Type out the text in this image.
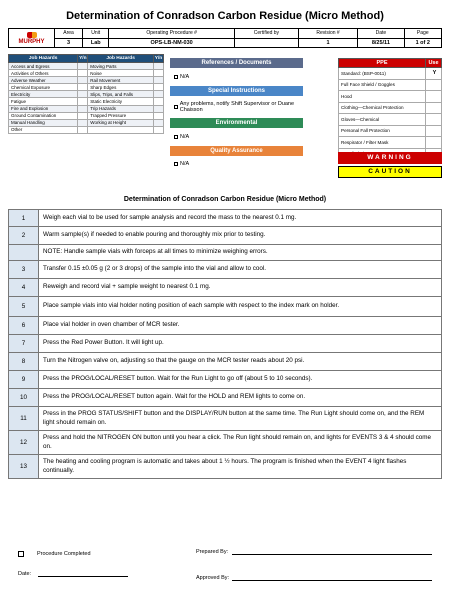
Determination of Conradson Carbon Residue (Micro Method)
MURPHY	Area	Unit	Operating Procedure #	Certified by	Revision #	Date	Page
	3	Lab	OPS-LB-NM-030		1	8/25/11	1 of 2
Job Hazards	Y/n	Job Hazards	Y/n
Access and Egress		Moving Parts	
Activities of Others		Noise	
Adverse Weather		Rail Movement	
Chemical Exposure		Sharp Edges	
Electricity		Slips, Trips, and Falls	
Fatigue		Static Electricity	
Fire and Explosion		Trip Hazards	
Ground Contamination		Trapped Pressure	
Manual Handling		Working at Height	
Other			
References / Documents
N/A
Special Instructions
Any problems, notify Shift Supervisor or Duane Chaisson
Environmental
N/A
Quality Assurance
N/A
PPE	Use
Standard: (BSP-0011)	Y
Full Face Shield / Goggles	
Hood	
Clothing—Chemical Protection	
Gloves—Chemical	
Personal Fall Protection	
Respirator / Filter Mask	

WARNING
CAUTION
Determination of Conradson Carbon Residue (Micro Method)
1	Weigh each vial to be used for sample analysis and record the mass to the nearest 0.1 mg.
2	Warm sample(s) if needed to enable pouring and thoroughly mix prior to testing.
	NOTE: Handle sample vials with forceps at all times to minimize weighing errors.
3	Transfer 0.15 ±0.05 g (2 or 3 drops) of the sample into the vial and allow to cool.
4	Reweigh and record vial + sample weight to nearest 0.1 mg.
5	Place sample vials into vial holder noting position of each sample with respect to the index mark on holder.
6	Place vial holder in oven chamber of MCR tester.
7	Press the Red Power Button. It will light up.
8	Turn the Nitrogen valve on, adjusting so that the gauge on the MCR tester reads about 20 psi.
9	Press the PROG/LOCAL/RESET button. Wait for the Run Light to go off (about 5 to 10 seconds).
10	Press the PROG/LOCAL/RESET button again. Wait for the HOLD and REM lights to come on.
11	Press in the PROG STATUS/SHIFT button and the DISPLAY/RUN button at the same time. The Run Light should come on, and the REM light should remain on.
12	Press and hold the NITROGEN ON button until you hear a click. The Run light should remain on, and lights for EVENTS 3 & 4 should come on.
13	The heating and cooling program is automatic and takes about 1 ½ hours. The program is finished when the EVENT 4 light flashes continually.
Procedure Completed
Date:
Prepared By:
Approved By:
